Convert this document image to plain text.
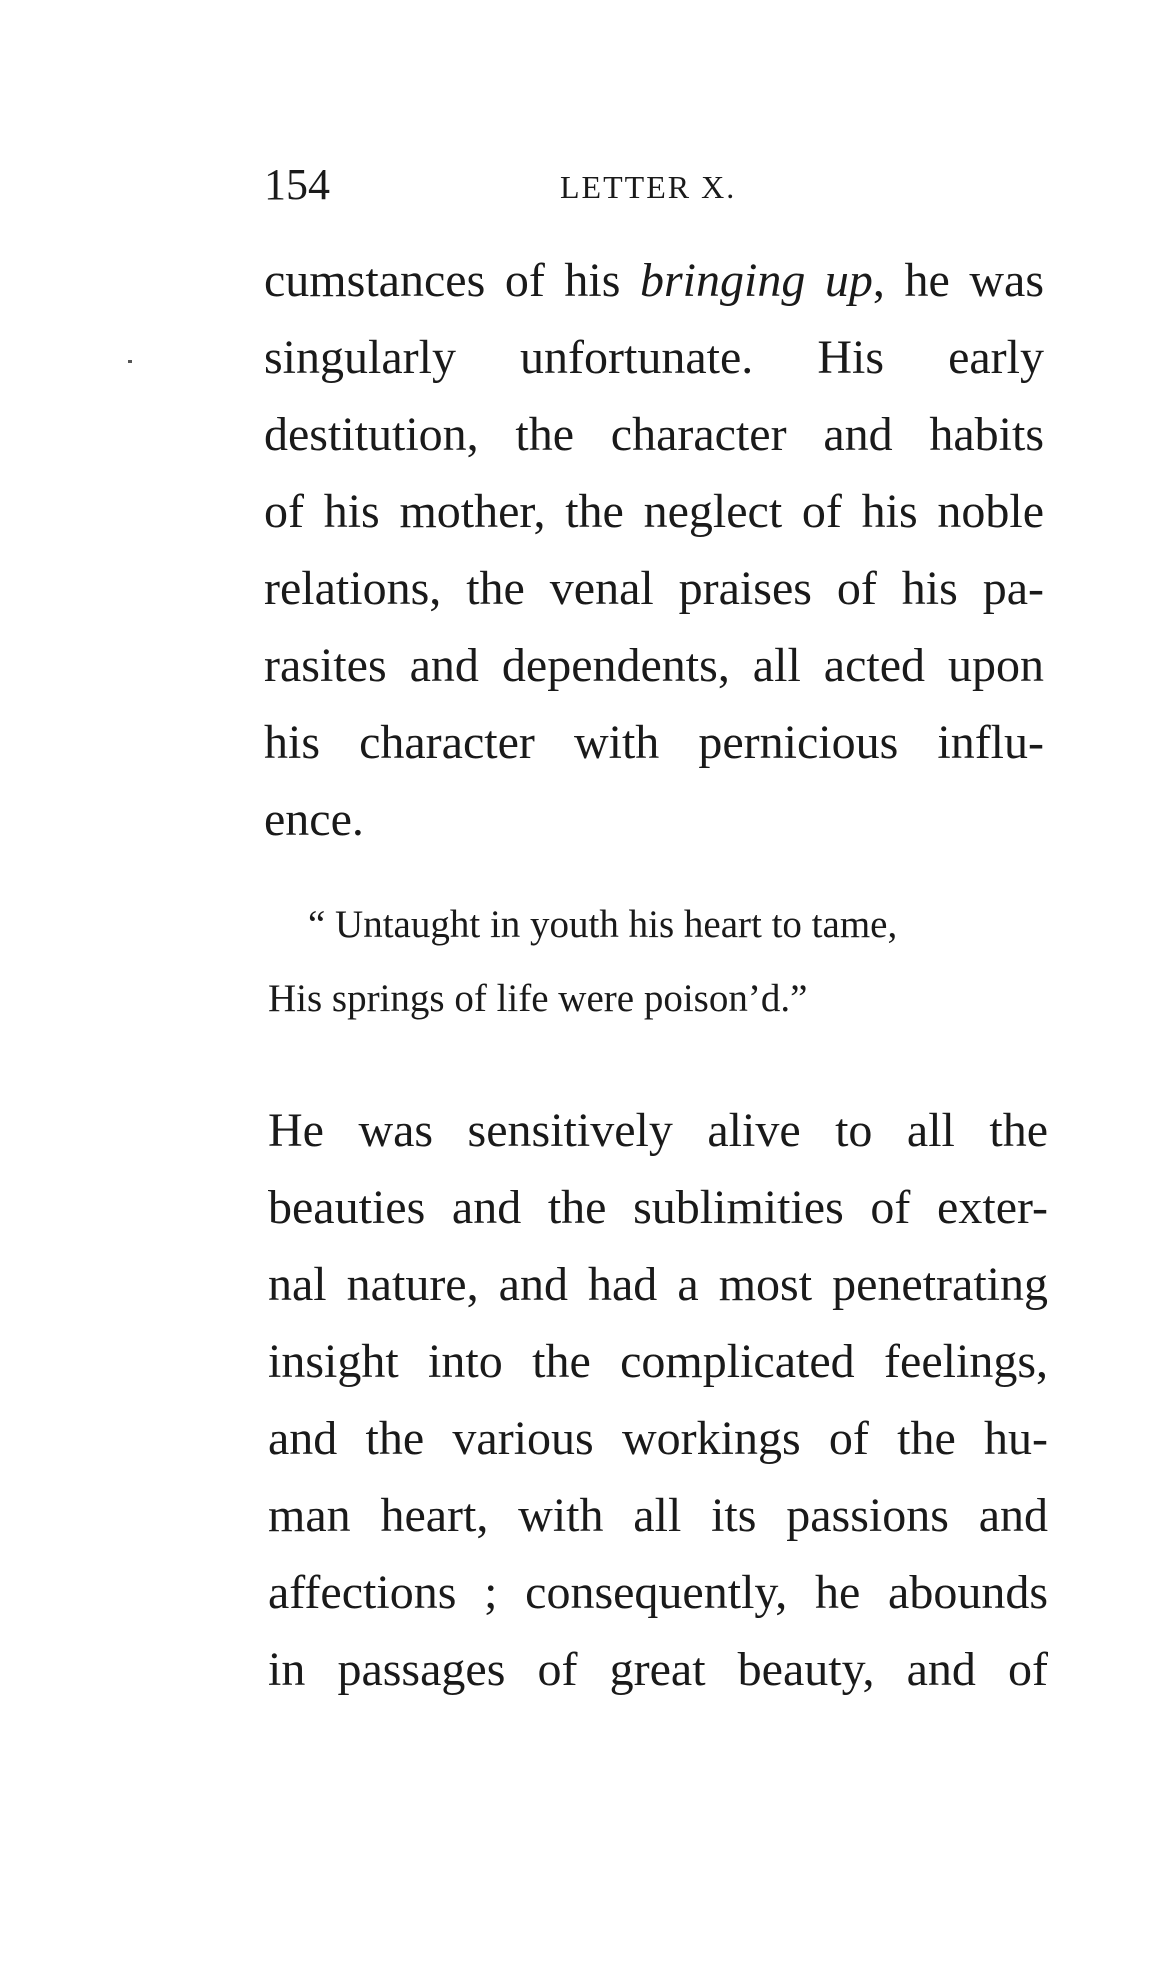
154	LETTER X.
cumstances of his bringing up, he was
singularly unfortunate. His early
destitution, the character and habits
of his mother, the neglect of his noble
relations, the venal praises of his pa-
rasites and dependents, all acted upon
his character with pernicious influ-
ence.
“ Untaught in youth his heart to tame,
His springs of life were poison’d.”
He was sensitively alive to all the
beauties and the sublimities of exter-
nal nature, and had a most penetrating
insight into the complicated feelings,
and the various workings of the hu-
man heart, with all its passions and
affections ; consequently, he abounds
in passages of great beauty, and of
